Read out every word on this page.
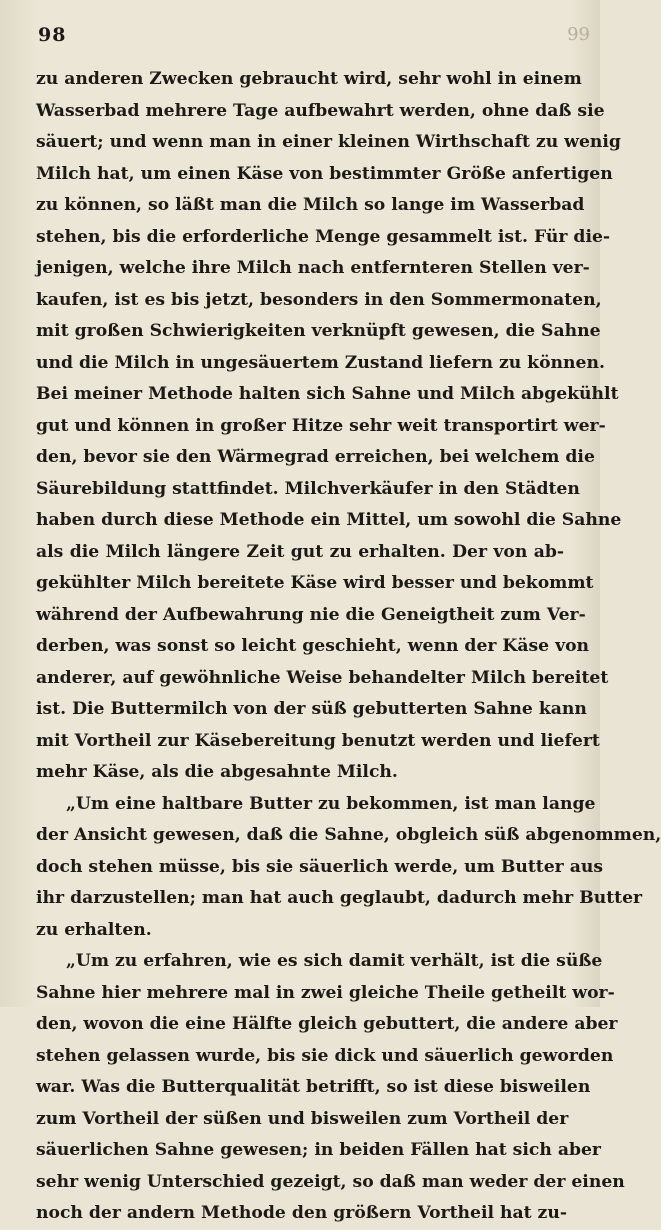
98	99
zu anderen Zwecken gebraucht wird, sehr wohl in einem
Wasserbad mehrere Tage aufbewahrt werden, ohne daß sie
säuert; und wenn man in einer kleinen Wirthschaft zu wenig
Milch hat, um einen Käse von bestimmter Größe anfertigen
zu können, so läßt man die Milch so lange im Wasserbad
stehen, bis die erforderliche Menge gesammelt ist. Für die-
jenigen, welche ihre Milch nach entfernteren Stellen ver-
kaufen, ist es bis jetzt, besonders in den Sommermonaten,
mit großen Schwierigkeiten verknüpft gewesen, die Sahne
und die Milch in ungesäuertem Zustand liefern zu können.
Bei meiner Methode halten sich Sahne und Milch abgekühlt
gut und können in großer Hitze sehr weit transportirt wer-
den, bevor sie den Wärmegrad erreichen, bei welchem die
Säurebildung stattfindet. Milchverkäufer in den Städten
haben durch diese Methode ein Mittel, um sowohl die Sahne
als die Milch längere Zeit gut zu erhalten. Der von ab-
gekühlter Milch bereitete Käse wird besser und bekommt
während der Aufbewahrung nie die Geneigtheit zum Ver-
derben, was sonst so leicht geschieht, wenn der Käse von
anderer, auf gewöhnliche Weise behandelter Milch bereitet
ist. Die Buttermilch von der süß gebutterten Sahne kann
mit Vortheil zur Käsebereitung benutzt werden und liefert
mehr Käse, als die abgesahnte Milch.
„Um eine haltbare Butter zu bekommen, ist man lange
der Ansicht gewesen, daß die Sahne, obgleich süß abgenommen,
doch stehen müsse, bis sie säuerlich werde, um Butter aus
ihr darzustellen; man hat auch geglaubt, dadurch mehr Butter
zu erhalten.
„Um zu erfahren, wie es sich damit verhält, ist die süße
Sahne hier mehrere mal in zwei gleiche Theile getheilt wor-
den, wovon die eine Hälfte gleich gebuttert, die andere aber
stehen gelassen wurde, bis sie dick und säuerlich geworden
war. Was die Butterqualität betrifft, so ist diese bisweilen
zum Vortheil der süßen und bisweilen zum Vortheil der
säuerlichen Sahne gewesen; in beiden Fällen hat sich aber
sehr wenig Unterschied gezeigt, so daß man weder der einen
noch der andern Methode den größern Vortheil hat zu-
